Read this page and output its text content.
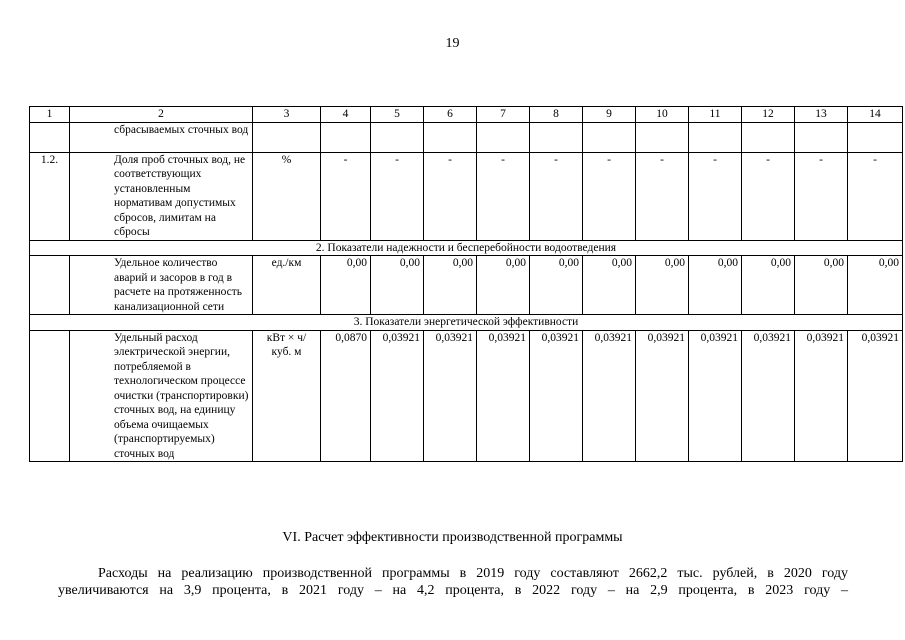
19
1	2	3	4	5	6	7	8	9	10	11	12	13	14
	сбрасываемых сточных вод												
1.2.	Доля проб сточных вод, не соответствующих установленным нормативам допустимых сбросов, лимитам на сбросы	%	-	-	-	-	-	-	-	-	-	-	-
2. Показатели надежности и бесперебойности водоотведения													
	Удельное количество аварий и засоров в год в расчете на протяженность канализационной сети	ед./км	0,00	0,00	0,00	0,00	0,00	0,00	0,00	0,00	0,00	0,00	0,00
3. Показатели энергетической эффективности													
	Удельный расход электрической энергии, потребляемой в технологическом процессе очистки (транспортировки) сточных вод, на единицу объема очищаемых (транспортируемых) сточных вод	кВт × ч/ куб. м	0,0870	0,03921	0,03921	0,03921	0,03921	0,03921	0,03921	0,03921	0,03921	0,03921	0,03921
VI. Расчет эффективности производственной программы
Расходы на реализацию производственной программы в 2019 году составляют 2662,2 тыс. рублей, в 2020 году увеличиваются на 3,9 процента, в 2021 году – на 4,2 процента, в 2022 году – на 2,9 процента, в 2023 году –
